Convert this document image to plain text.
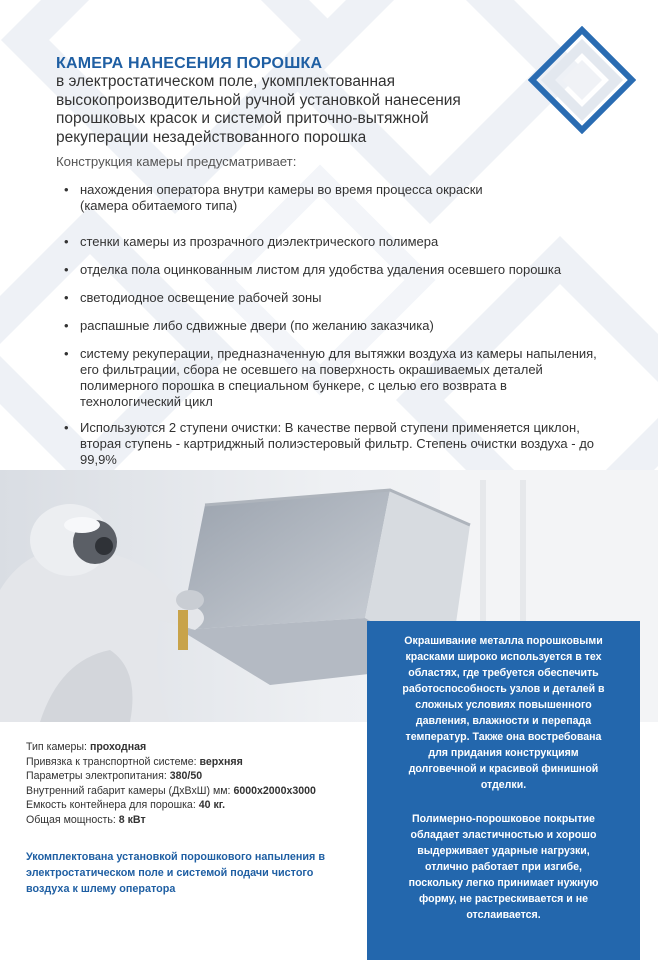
КАМЕРА НАНЕСЕНИЯ ПОРОШКА

в электростатическом поле, укомплектованная
высокопроизводительной ручной установкой нанесения
порошковых красок и системой приточно-вытяжной
рекуперации незадействованного порошка

Конструкция камеры предусматривает:
• нахождения оператора внутри камеры во время процесса окраски
(камера обитаемого типа)
• стенки камеры из прозрачного диэлектрического полимера
• отделка пола оцинкованным листом для удобства удаления осевшего порошка
• светодиодное освещение рабочей зоны
• распашные либо сдвижные двери (по желанию заказчика)
• систему рекуперации, предназначенную для вытяжки воздуха из камеры напыления,
его фильтрации, сбора не осевшего на поверхность окрашиваемых деталей
полимерного порошка в специальном бункере, с целью его возврата в
технологический цикл
• Используются 2 ступени очистки: В качестве первой ступени применяется циклон,
вторая ступень - картриджный полиэстеровый фильтр. Степень очистки воздуха - до
99,9%
Тип камеры: проходная
Привязка к транспортной системе: верхняя
Параметры электропитания: 380/50
Внутренний габарит камеры (ДхВхШ) мм: 6000х2000х3000
Емкость контейнера для порошка: 40 кг.
Общая мощность: 8 кВт
Укомплектована установкой порошкового напыления в
электростатическом поле и системой подачи чистого
воздуха к шлему оператора

Окрашивание металла порошковыми
красками широко используется в тех
областях, где требуется обеспечить
работоспособность узлов и деталей в
сложных условиях повышенного
давления, влажности и перепада
температур. Также она востребована
для придания конструкциям
долговечной и красивой финишной
отделки.

Полимерно-порошковое покрытие
обладает эластичностью и хорошо
выдерживает ударные нагрузки,
отлично работает при изгибе,
поскольку легко принимает нужную
форму, не растрескивается и не
отслаивается.
